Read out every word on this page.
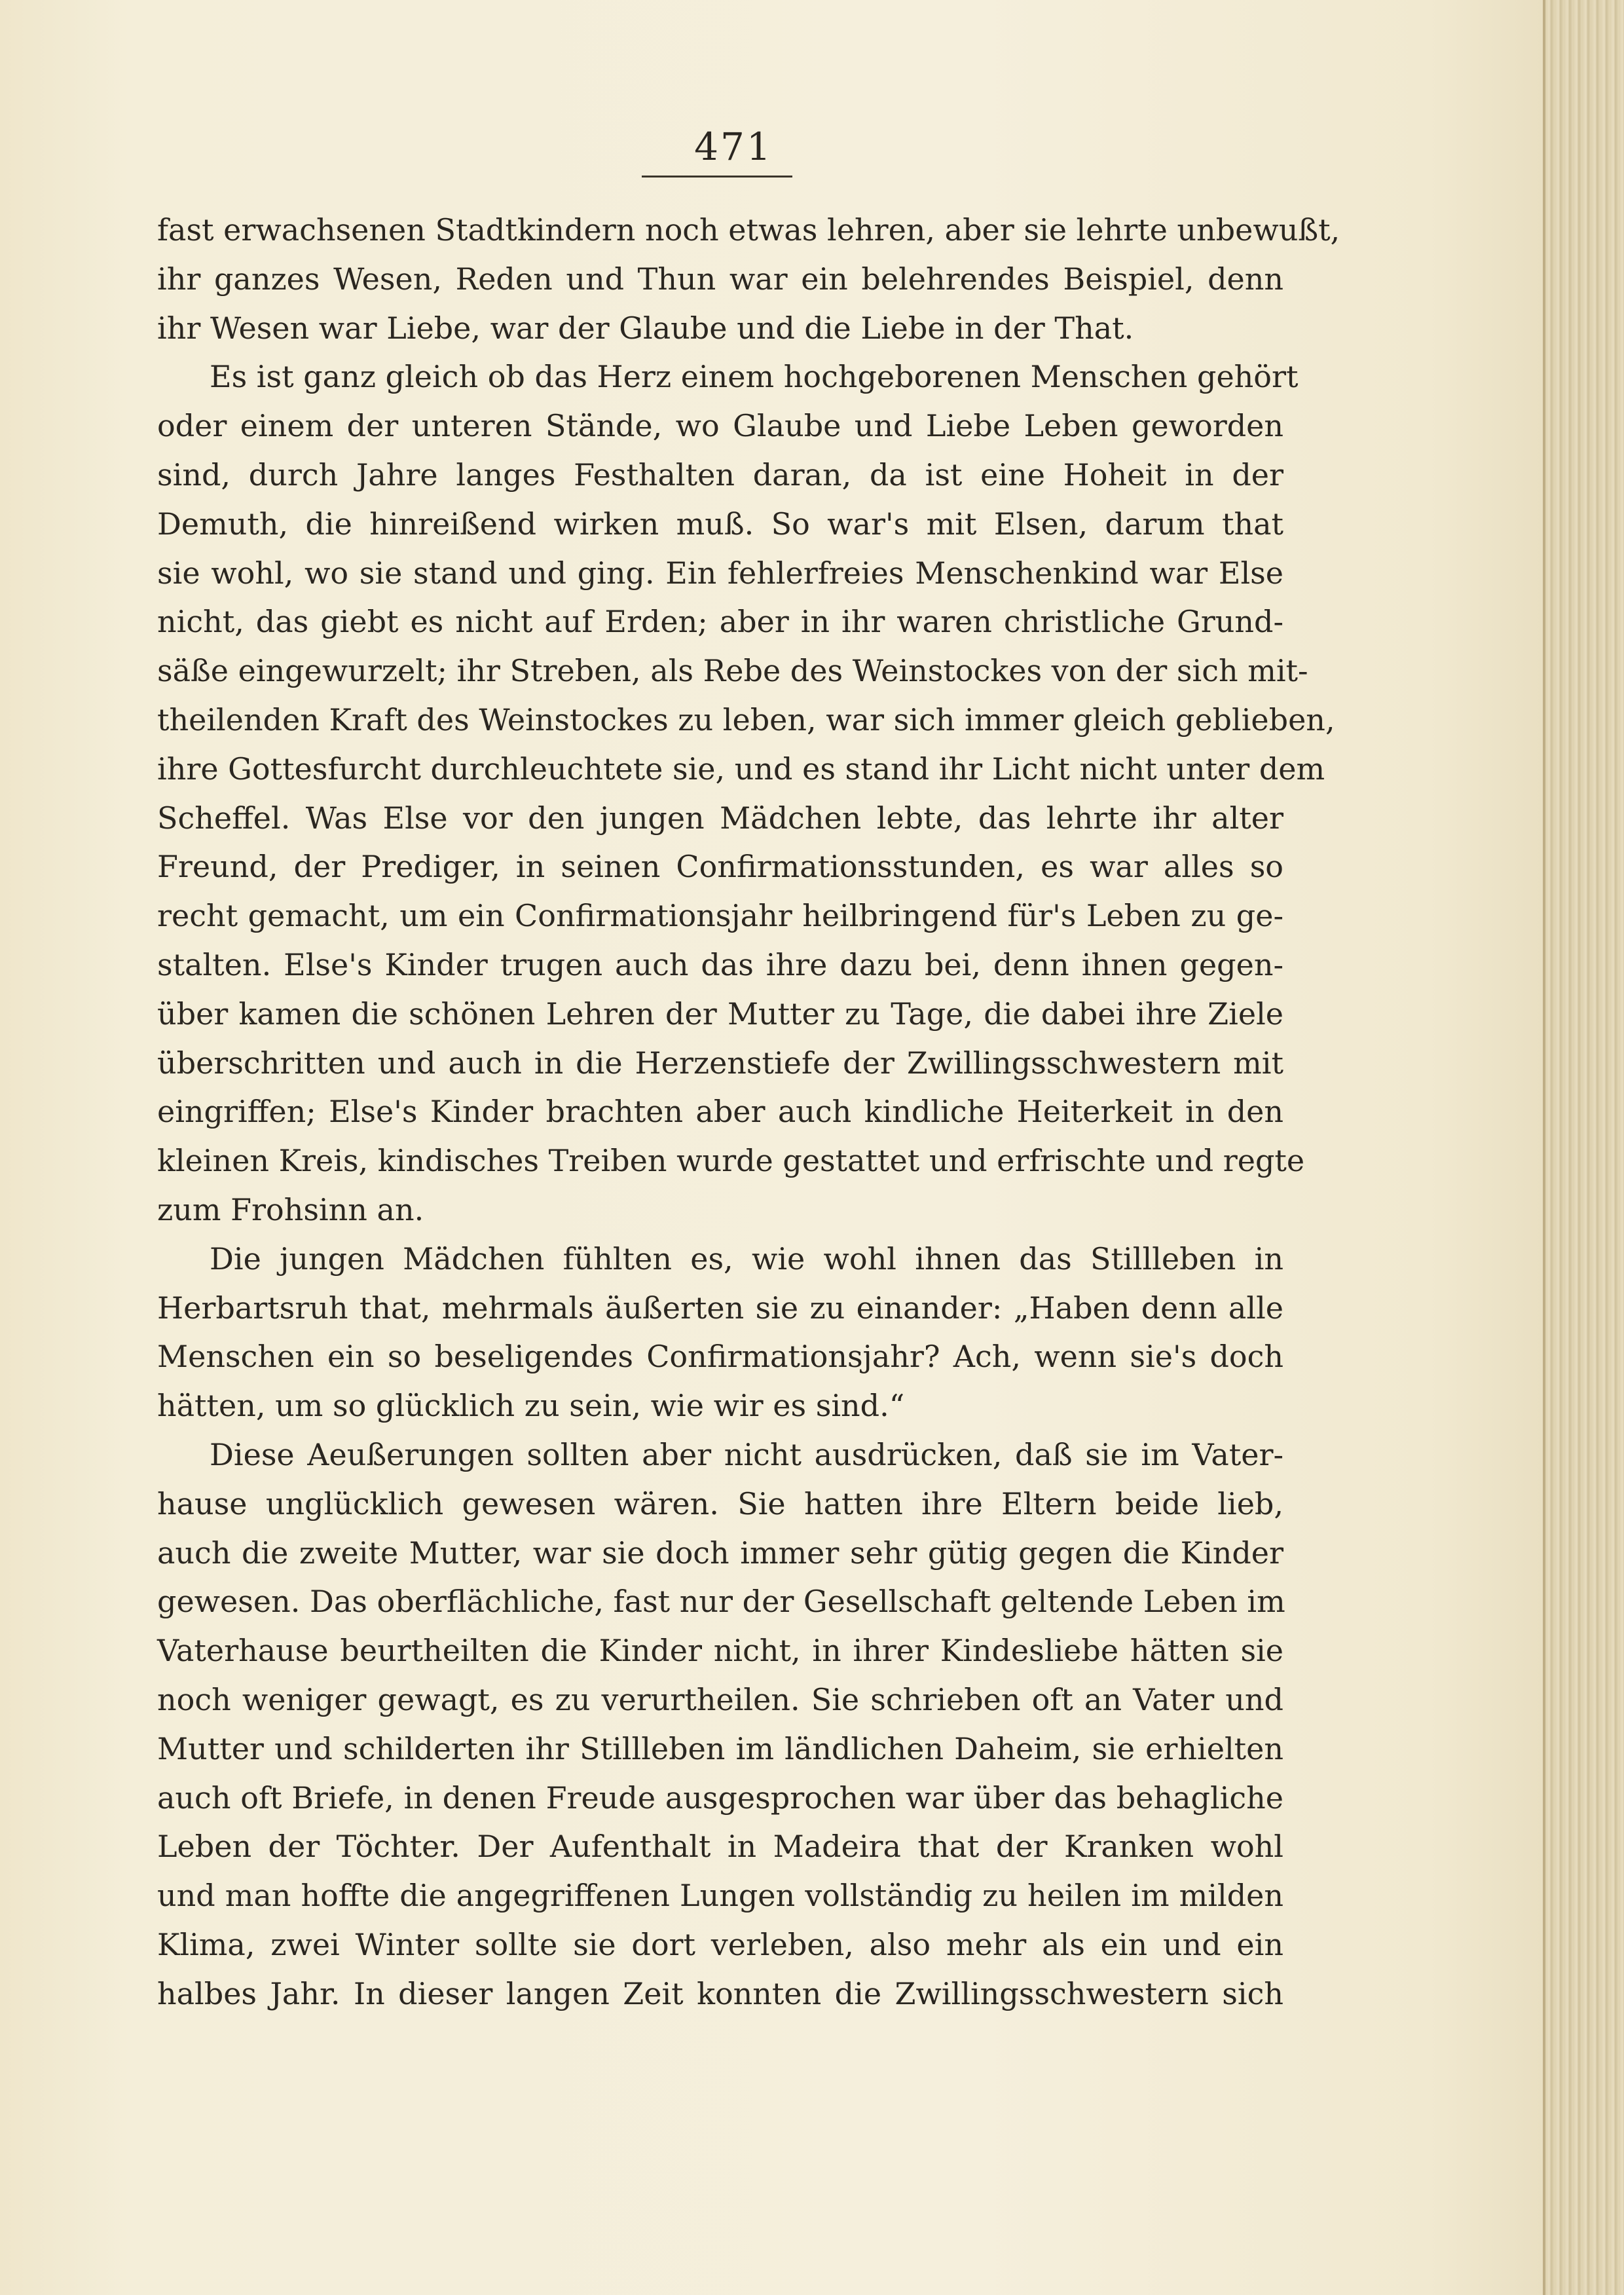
471
fast erwachsenen Stadtkindern noch etwas lehren, aber sie lehrte unbewußt,
ihr ganzes Wesen, Reden und Thun war ein belehrendes Beispiel, denn
ihr Wesen war Liebe, war der Glaube und die Liebe in der That.
Es ist ganz gleich ob das Herz einem hochgeborenen Menschen gehört
oder einem der unteren Stände, wo Glaube und Liebe Leben geworden
sind, durch Jahre langes Festhalten daran, da ist eine Hoheit in der
Demuth, die hinreißend wirken muß. So war's mit Elsen, darum that
sie wohl, wo sie stand und ging. Ein fehlerfreies Menschenkind war Else
nicht, das giebt es nicht auf Erden; aber in ihr waren christliche Grund-
säße eingewurzelt; ihr Streben, als Rebe des Weinstockes von der sich mit-
theilenden Kraft des Weinstockes zu leben, war sich immer gleich geblieben,
ihre Gottesfurcht durchleuchtete sie, und es stand ihr Licht nicht unter dem
Scheffel. Was Else vor den jungen Mädchen lebte, das lehrte ihr alter
Freund, der Prediger, in seinen Confirmationsstunden, es war alles so
recht gemacht, um ein Confirmationsjahr heilbringend für's Leben zu ge-
stalten. Else's Kinder trugen auch das ihre dazu bei, denn ihnen gegen-
über kamen die schönen Lehren der Mutter zu Tage, die dabei ihre Ziele
überschritten und auch in die Herzenstiefe der Zwillingsschwestern mit
eingriffen; Else's Kinder brachten aber auch kindliche Heiterkeit in den
kleinen Kreis, kindisches Treiben wurde gestattet und erfrischte und regte
zum Frohsinn an.
Die jungen Mädchen fühlten es, wie wohl ihnen das Stillleben in
Herbartsruh that, mehrmals äußerten sie zu einander: „Haben denn alle
Menschen ein so beseligendes Confirmationsjahr? Ach, wenn sie's doch
hätten, um so glücklich zu sein, wie wir es sind.“
Diese Aeußerungen sollten aber nicht ausdrücken, daß sie im Vater-
hause unglücklich gewesen wären. Sie hatten ihre Eltern beide lieb,
auch die zweite Mutter, war sie doch immer sehr gütig gegen die Kinder
gewesen. Das oberflächliche, fast nur der Gesellschaft geltende Leben im
Vaterhause beurtheilten die Kinder nicht, in ihrer Kindesliebe hätten sie
noch weniger gewagt, es zu verurtheilen. Sie schrieben oft an Vater und
Mutter und schilderten ihr Stillleben im ländlichen Daheim, sie erhielten
auch oft Briefe, in denen Freude ausgesprochen war über das behagliche
Leben der Töchter. Der Aufenthalt in Madeira that der Kranken wohl
und man hoffte die angegriffenen Lungen vollständig zu heilen im milden
Klima, zwei Winter sollte sie dort verleben, also mehr als ein und ein
halbes Jahr. In dieser langen Zeit konnten die Zwillingsschwestern sich
